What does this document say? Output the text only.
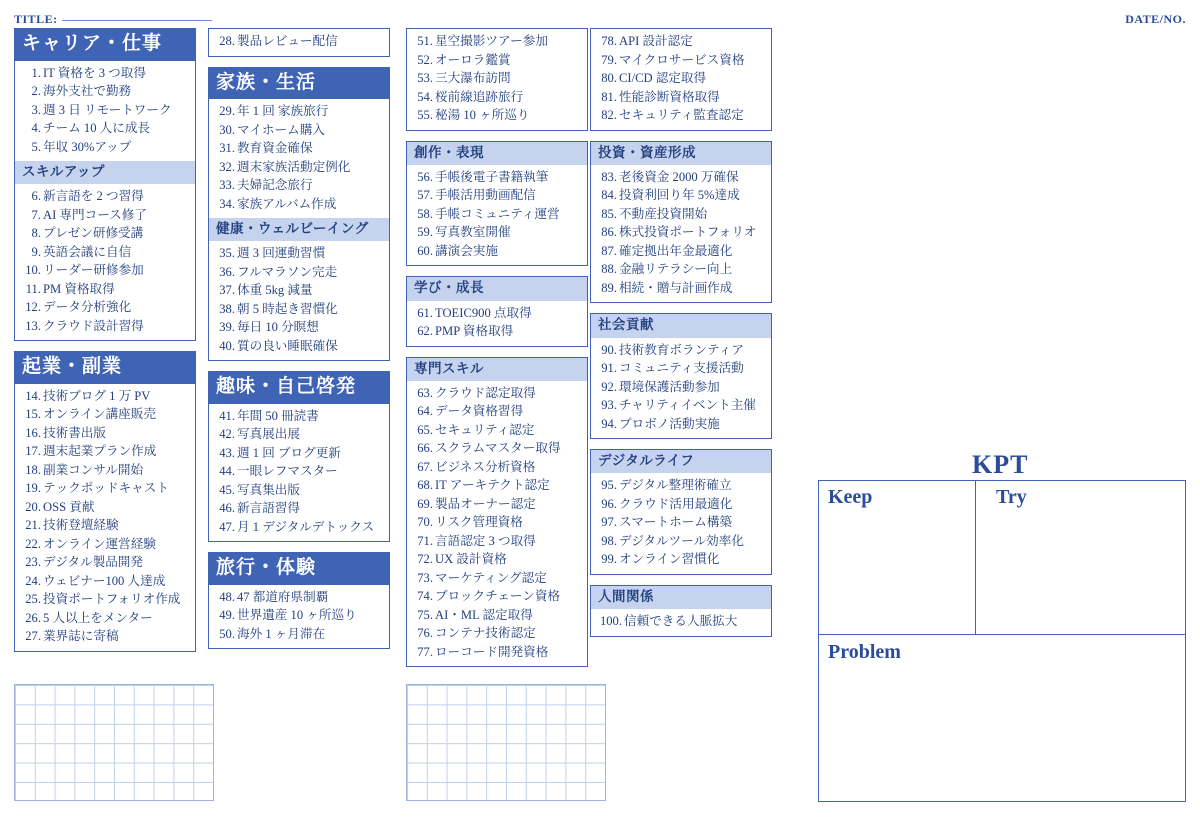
TITLE:	DATE/NO.
キャリア・仕事
1. IT 資格を 3 つ取得
2. 海外支社で勤務
3. 週 3 日 リモートワーク
4. チーム 10 人に成長
5. 年収 30%アップ
スキルアップ
6. 新言語を 2 つ習得
7. AI 専門コース修了
8. プレゼン研修受講
9. 英語会議に自信
10. リーダー研修参加
11. PM 資格取得
12. データ分析強化
13. クラウド設計習得
起業・副業
14. 技術ブログ 1 万 PV
15. オンライン講座販売
16. 技術書出版
17. 週末起業プラン作成
18. 副業コンサル開始
19. テックポッドキャスト
20. OSS 貢献
21. 技術登壇経験
22. オンライン運営経験
23. デジタル製品開発
24. ウェビナー100 人達成
25. 投資ポートフォリオ作成
26. 5 人以上をメンター
27. 業界誌に寄稿
28. 製品レビュー配信
家族・生活
29. 年 1 回 家族旅行
30. マイホーム購入
31. 教育資金確保
32. 週末家族活動定例化
33. 夫婦記念旅行
34. 家族アルバム作成
健康・ウェルビーイング
35. 週 3 回運動習慣
36. フルマラソン完走
37. 体重 5kg 減量
38. 朝 5 時起き習慣化
39. 毎日 10 分瞑想
40. 質の良い睡眠確保
趣味・自己啓発
41. 年間 50 冊読書
42. 写真展出展
43. 週 1 回 ブログ更新
44. 一眼レフマスター
45. 写真集出版
46. 新言語習得
47. 月 1 デジタルデトックス
旅行・体験
48. 47 都道府県制覇
49. 世界遺産 10 ヶ所巡り
50. 海外 1 ヶ月滞在
51. 星空撮影ツアー参加
52. オーロラ鑑賞
53. 三大瀑布訪問
54. 桜前線追跡旅行
55. 秘湯 10 ヶ所巡り
創作・表現
56. 手帳後電子書籍執筆
57. 手帳活用動画配信
58. 手帳コミュニティ運営
59. 写真教室開催
60. 講演会実施
学び・成長
61. TOEIC900 点取得
62. PMP 資格取得
専門スキル
63. クラウド認定取得
64. データ資格習得
65. セキュリティ認定
66. スクラムマスター取得
67. ビジネス分析資格
68. IT アーキテクト認定
69. 製品オーナー認定
70. リスク管理資格
71. 言語認定 3 つ取得
72. UX 設計資格
73. マーケティング認定
74. ブロックチェーン資格
75. AI・ML 認定取得
76. コンテナ技術認定
77. ローコード開発資格
78. API 設計認定
79. マイクロサービス資格
80. CI/CD 認定取得
81. 性能診断資格取得
82. セキュリティ監査認定
投資・資産形成
83. 老後資金 2000 万確保
84. 投資利回り年 5%達成
85. 不動産投資開始
86. 株式投資ポートフォリオ
87. 確定拠出年金最適化
88. 金融リテラシー向上
89. 相続・贈与計画作成
社会貢献
90. 技術教育ボランティア
91. コミュニティ支援活動
92. 環境保護活動参加
93. チャリティイベント主催
94. プロボノ活動実施
デジタルライフ
95. デジタル整理術確立
96. クラウド活用最適化
97. スマートホーム構築
98. デジタルツール効率化
99. オンライン習慣化
人間関係
100. 信頼できる人脈拡大
KPT
Keep	Try
Problem
